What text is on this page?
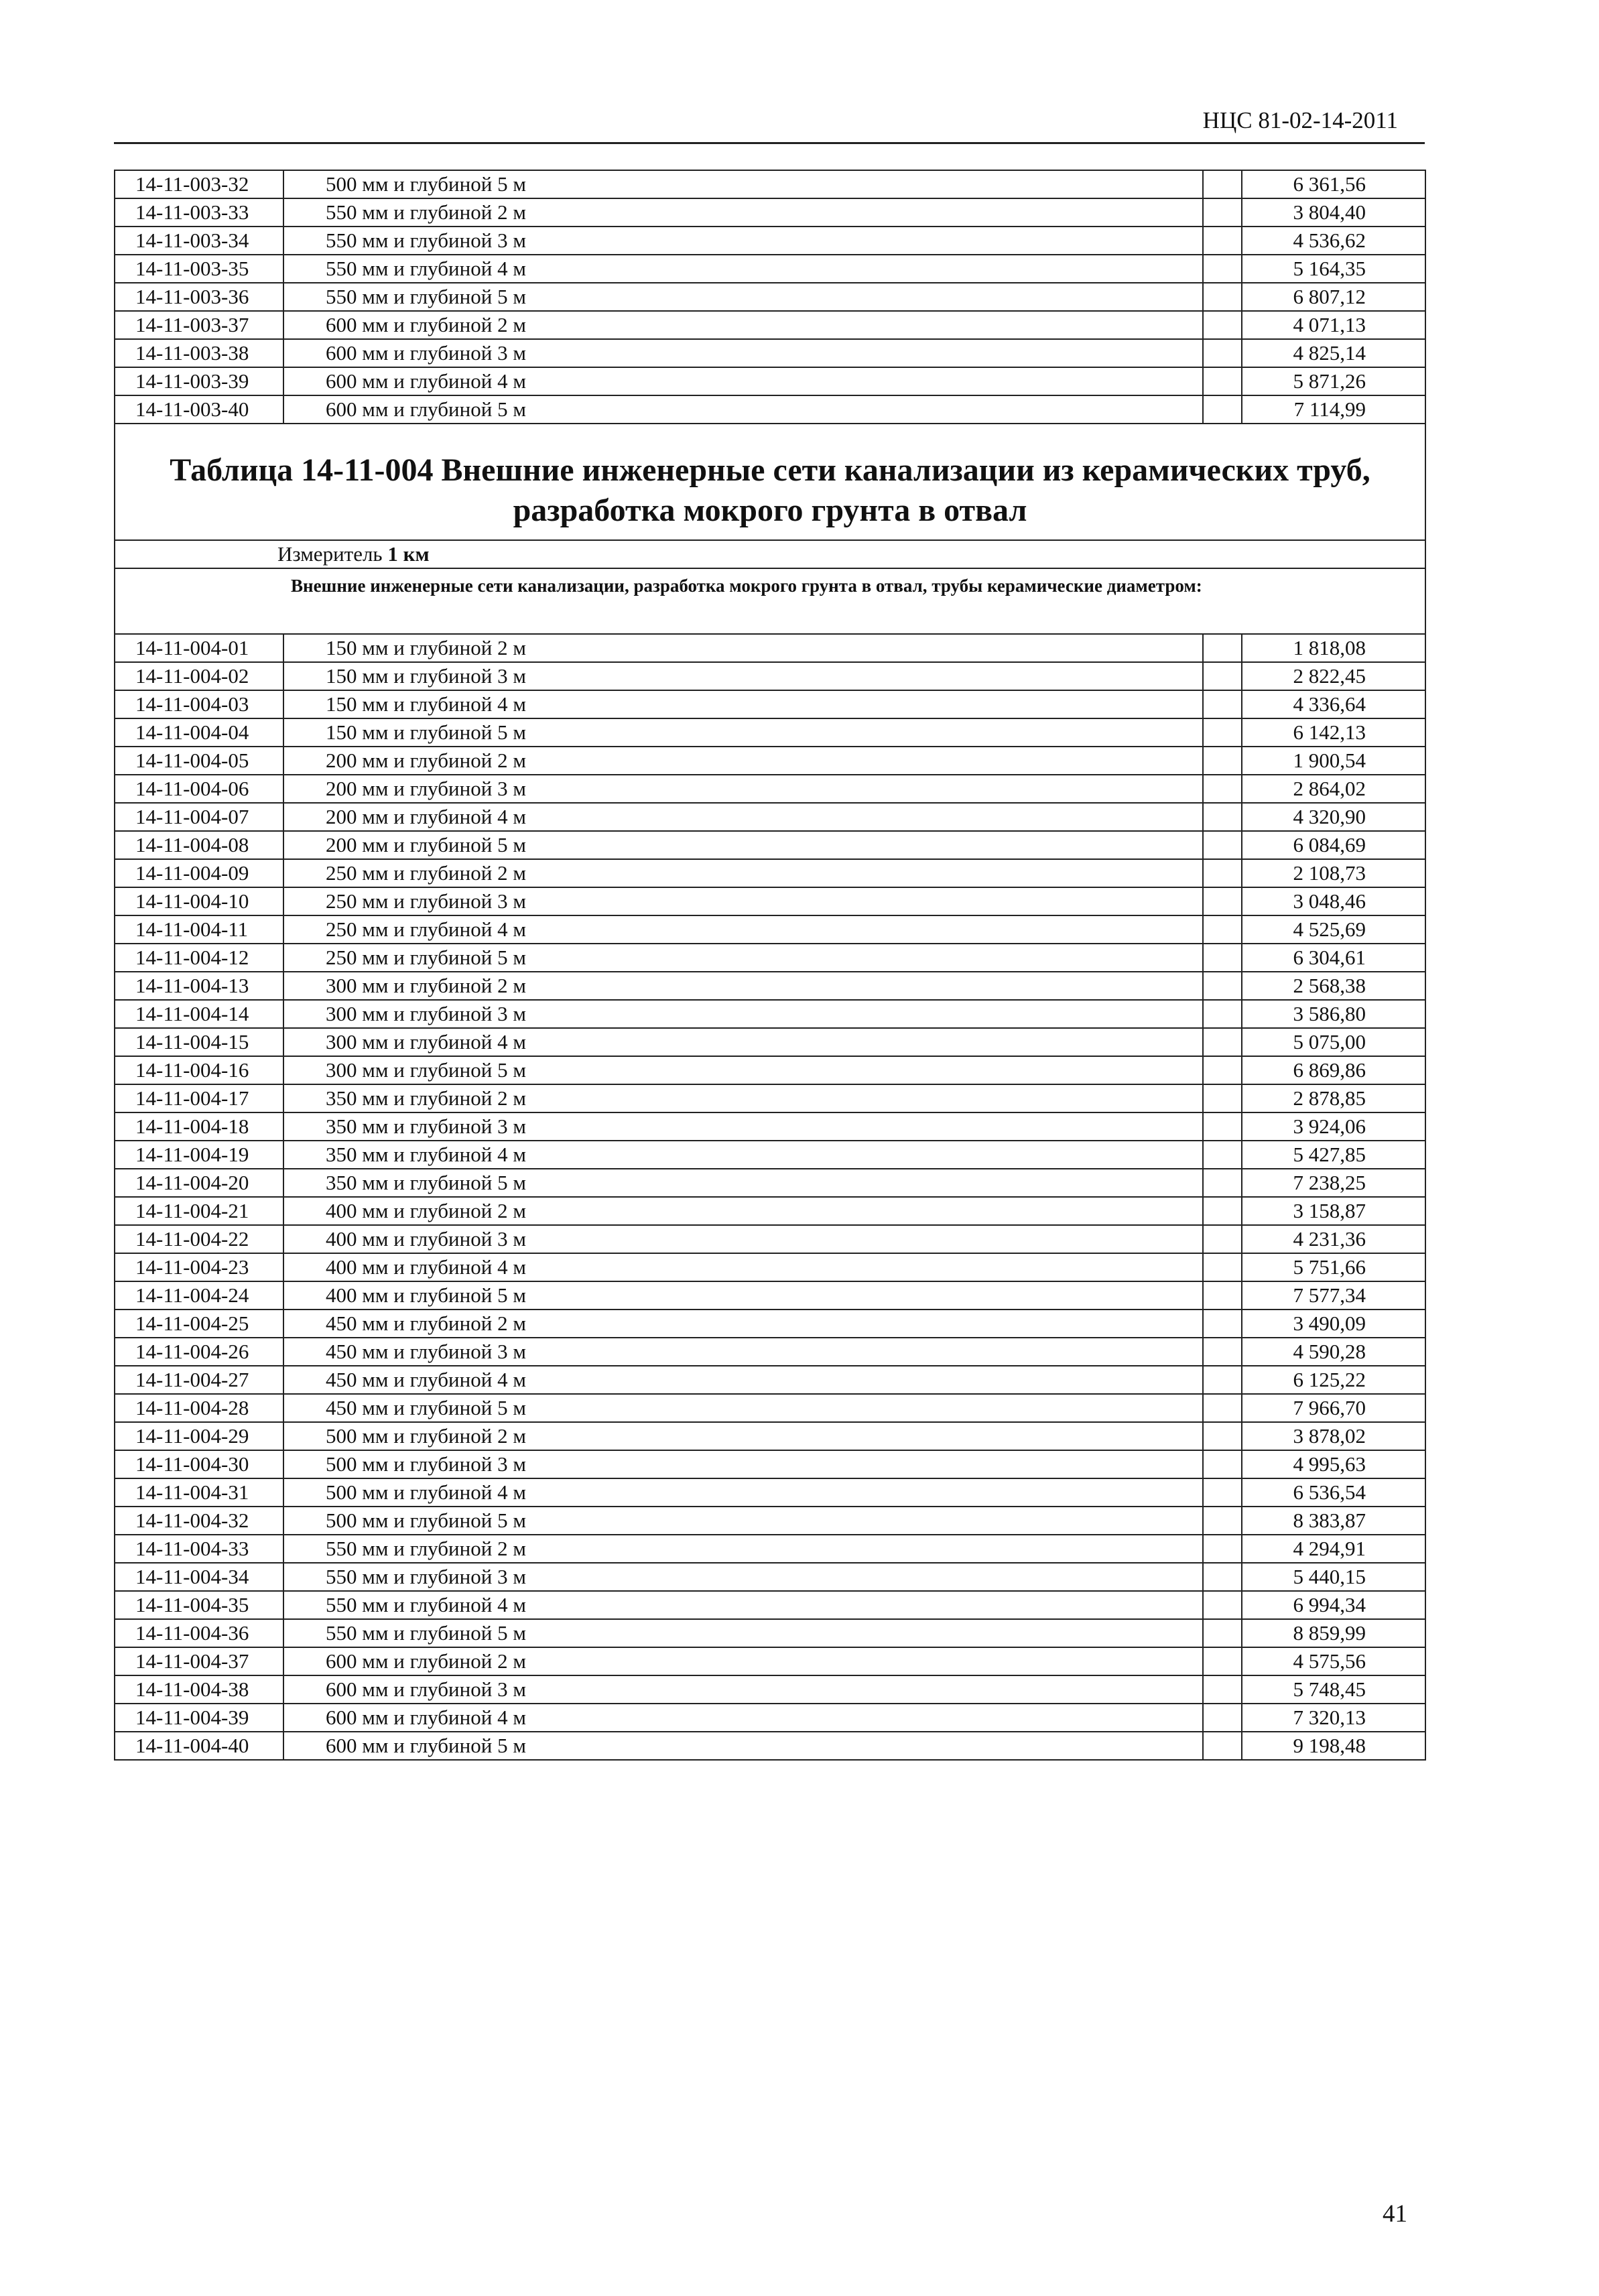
НЦС 81-02-14-2011
14-11-003-32	500 мм и глубиной 5 м		6 361,56
14-11-003-33	550 мм и глубиной 2 м		3 804,40
14-11-003-34	550 мм и глубиной 3 м		4 536,62
14-11-003-35	550 мм и глубиной 4 м		5 164,35
14-11-003-36	550 мм и глубиной 5 м		6 807,12
14-11-003-37	600 мм и глубиной 2 м		4 071,13
14-11-003-38	600 мм и глубиной 3 м		4 825,14
14-11-003-39	600 мм и глубиной 4 м		5 871,26
14-11-003-40	600 мм и глубиной 5 м		7 114,99

Таблица 14-11-004 Внешние инженерные сети канализации из керамических труб,
разработка мокрого грунта в отвал			

Измеритель 1 км			
Внешние инженерные сети канализации, разработка мокрого грунта в отвал, трубы керамические диаметром:			
14-11-004-01	150 мм и глубиной 2 м		1 818,08
14-11-004-02	150 мм и глубиной 3 м		2 822,45
14-11-004-03	150 мм и глубиной 4 м		4 336,64
14-11-004-04	150 мм и глубиной 5 м		6 142,13
14-11-004-05	200 мм и глубиной 2 м		1 900,54
14-11-004-06	200 мм и глубиной 3 м		2 864,02
14-11-004-07	200 мм и глубиной 4 м		4 320,90
14-11-004-08	200 мм и глубиной 5 м		6 084,69
14-11-004-09	250 мм и глубиной 2 м		2 108,73
14-11-004-10	250 мм и глубиной 3 м		3 048,46
14-11-004-11	250 мм и глубиной 4 м		4 525,69
14-11-004-12	250 мм и глубиной 5 м		6 304,61
14-11-004-13	300 мм и глубиной 2 м		2 568,38
14-11-004-14	300 мм и глубиной 3 м		3 586,80
14-11-004-15	300 мм и глубиной 4 м		5 075,00
14-11-004-16	300 мм и глубиной 5 м		6 869,86
14-11-004-17	350 мм и глубиной 2 м		2 878,85
14-11-004-18	350 мм и глубиной 3 м		3 924,06
14-11-004-19	350 мм и глубиной 4 м		5 427,85
14-11-004-20	350 мм и глубиной 5 м		7 238,25
14-11-004-21	400 мм и глубиной 2 м		3 158,87
14-11-004-22	400 мм и глубиной 3 м		4 231,36
14-11-004-23	400 мм и глубиной 4 м		5 751,66
14-11-004-24	400 мм и глубиной 5 м		7 577,34
14-11-004-25	450 мм и глубиной 2 м		3 490,09
14-11-004-26	450 мм и глубиной 3 м		4 590,28
14-11-004-27	450 мм и глубиной 4 м		6 125,22
14-11-004-28	450 мм и глубиной 5 м		7 966,70
14-11-004-29	500 мм и глубиной 2 м		3 878,02
14-11-004-30	500 мм и глубиной 3 м		4 995,63
14-11-004-31	500 мм и глубиной 4 м		6 536,54
14-11-004-32	500 мм и глубиной 5 м		8 383,87
14-11-004-33	550 мм и глубиной 2 м		4 294,91
14-11-004-34	550 мм и глубиной 3 м		5 440,15
14-11-004-35	550 мм и глубиной 4 м		6 994,34
14-11-004-36	550 мм и глубиной 5 м		8 859,99
14-11-004-37	600 мм и глубиной 2 м		4 575,56
14-11-004-38	600 мм и глубиной 3 м		5 748,45
14-11-004-39	600 мм и глубиной 4 м		7 320,13
14-11-004-40	600 мм и глубиной 5 м		9 198,48
41
